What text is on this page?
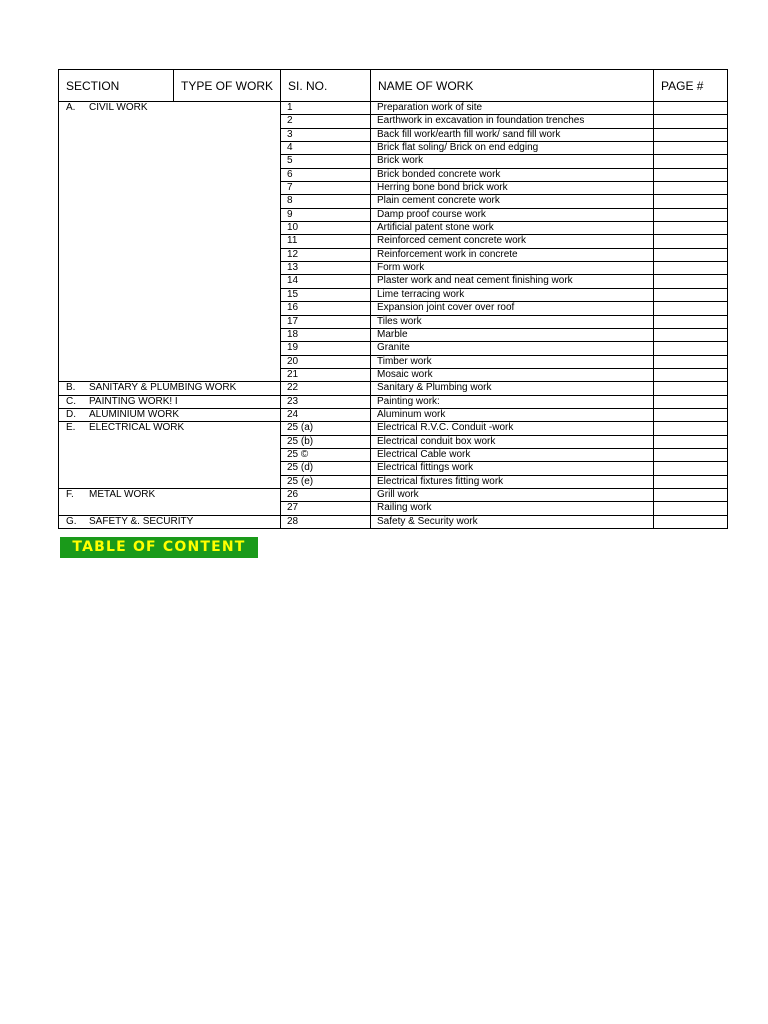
SECTION	TYPE OF WORK	SI. NO.	NAME OF WORK	PAGE #
A. CIVIL WORK		1	Preparation work of site	
		2	Earthwork in excavation in foundation trenches	
		3	Back fill work/earth fill work/ sand fill work	
		4	Brick flat soling/ Brick on end edging	
		5	Brick work	
		6	Brick bonded concrete work	
		7	Herring bone bond brick work	
		8	Plain cement concrete work	
		9	Damp proof course work	
		10	Artificial patent stone work	
		11	Reinforced cement concrete work	
		12	Reinforcement work in concrete	
		13	Form work	
		14	Plaster work and neat cement finishing work	
		15	Lime terracing work	
		16	Expansion joint cover over roof	
		17	Tiles work	
		18	Marble	
		19	Granite	
		20	Timber work	
		21	Mosaic work	
B. SANITARY & PLUMBING WORK		22	Sanitary & Plumbing work	
C. PAINTING WORK! I		23	Painting work:	
D. ALUMINIUM WORK		24	Aluminum work	
E. ELECTRICAL WORK		25 (a)	Electrical R.V.C. Conduit -work	
		25 (b)	Electrical conduit box work	
		25 ©	Electrical Cable work	
		25 (d)	Electrical fittings work	
		25 (e)	Electrical fixtures fitting work	
F. METAL WORK		26	Grill work	
		27	Railing work	
G. SAFETY &. SECURITY		28	Safety & Security work	
TABLE OF CONTENT
